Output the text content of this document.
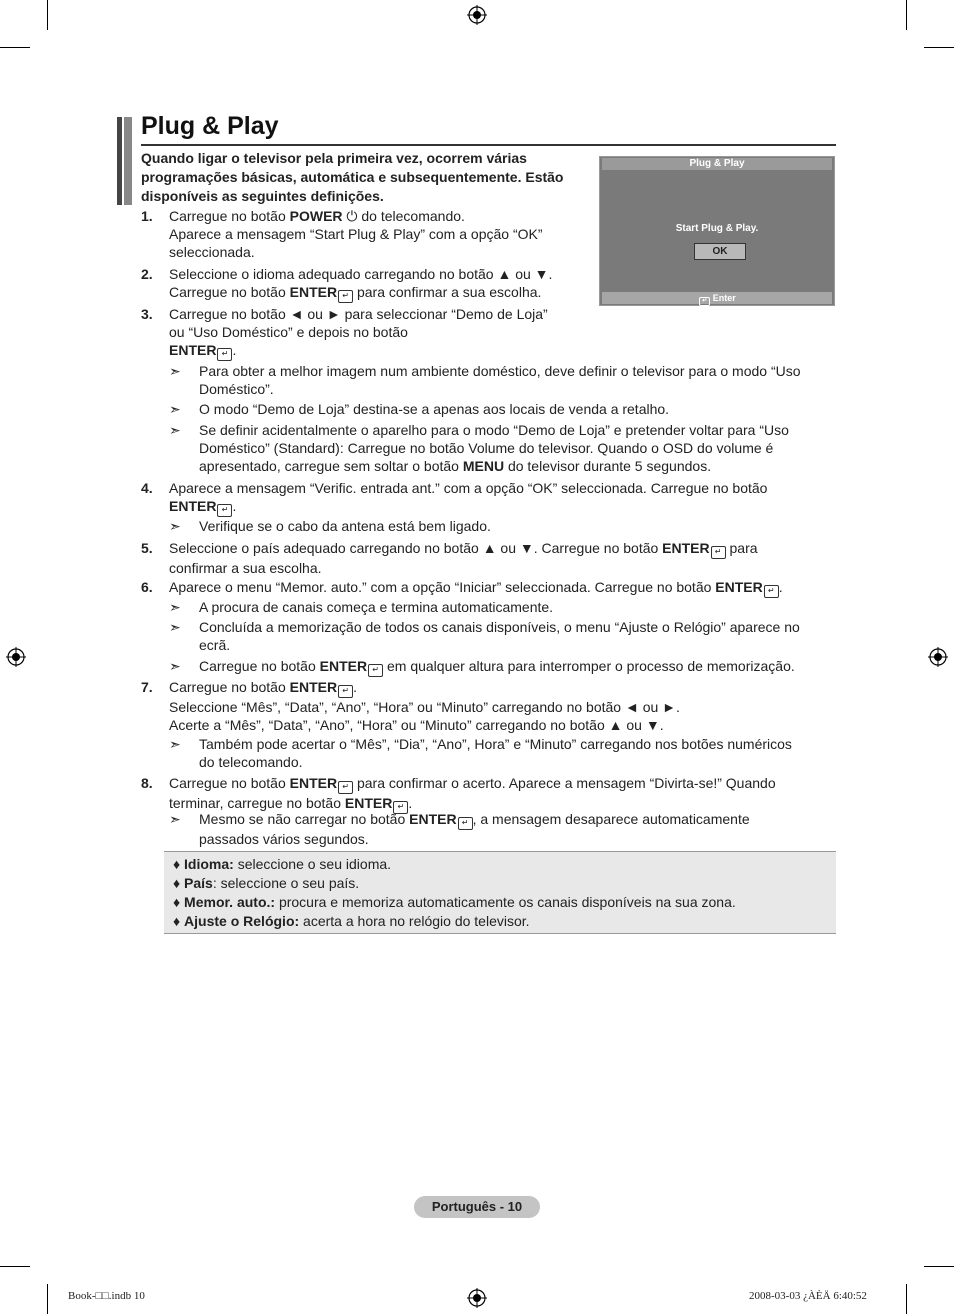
Plug & Play
Quando ligar o televisor pela primeira vez, ocorrem várias programações básicas, automática e subsequentemente. Estão disponíveis as seguintes definições.
Plug & Play
Start Plug & Play.
OK
↵ Enter
1. Carregue no botão POWER ⏻ do telecomando.
Aparece a mensagem “Start Plug & Play” com a opção “OK”
seleccionada.
2. Seleccione o idioma adequado carregando no botão ▲ ou ▼.
Carregue no botão ENTER ↵ para confirmar a sua escolha.
3. Carregue no botão ◄ ou ► para seleccionar “Demo de Loja”
ou “Uso Doméstico” e depois no botão
ENTER ↵ .
4. Aparece a mensagem “Verific. entrada ant.” com a opção “OK” seleccionada. Carregue no botão
ENTER ↵ .
5. Seleccione o país adequado carregando no botão ▲ ou ▼. Carregue no botão ENTER ↵ para
confirmar a sua escolha.
6. Aparece o menu “Memor. auto.” com a opção “Iniciar” seleccionada. Carregue no botão ENTER ↵ .
7. Carregue no botão ENTER ↵ .
Seleccione “Mês”, “Data”, “Ano”, “Hora” ou “Minuto” carregando no botão ◄ ou ►.
Acerte a “Mês”, “Data”, “Ano”, “Hora” ou “Minuto” carregando no botão ▲ ou ▼.
8. Carregue no botão ENTER ↵ para confirmar o acerto. Aparece a mensagem “Divirta-se!” Quando
terminar, carregue no botão ENTER ↵ .
➣ Para obter a melhor imagem num ambiente doméstico, deve definir o televisor para o modo “Uso
Doméstico”.
➣ O modo “Demo de Loja” destina-se a apenas aos locais de venda a retalho.
➣ Se definir acidentalmente o aparelho para o modo “Demo de Loja” e pretender voltar para “Uso
Doméstico” (Standard): Carregue no botão Volume do televisor. Quando o OSD do volume é
apresentado, carregue sem soltar o botão MENU do televisor durante 5 segundos.
➣ Verifique se o cabo da antena está bem ligado.
➣ A procura de canais começa e termina automaticamente.
➣ Concluída a memorização de todos os canais disponíveis, o menu “Ajuste o Relógio” aparece no
ecrã.
➣ Carregue no botão ENTER ↵ em qualquer altura para interromper o processo de memorização.
➣ Também pode acertar o “Mês”, “Dia”, “Ano”, Hora” e “Minuto” carregando nos botões numéricos
do telecomando.
➣ Mesmo se não carregar no botão ENTER ↵ , a mensagem desaparece automaticamente
passados vários segundos.
♦ Idioma: seleccione o seu idioma.
♦ País: seleccione o seu país.
♦ Memor. auto.: procura e memoriza automaticamente os canais disponíveis na sua zona.
♦ Ajuste o Relógio: acerta a hora no relógio do televisor.
Português - 10
Book-□□.indb 10	2008-03-03 ¿ÀÈÄ 6:40:52
